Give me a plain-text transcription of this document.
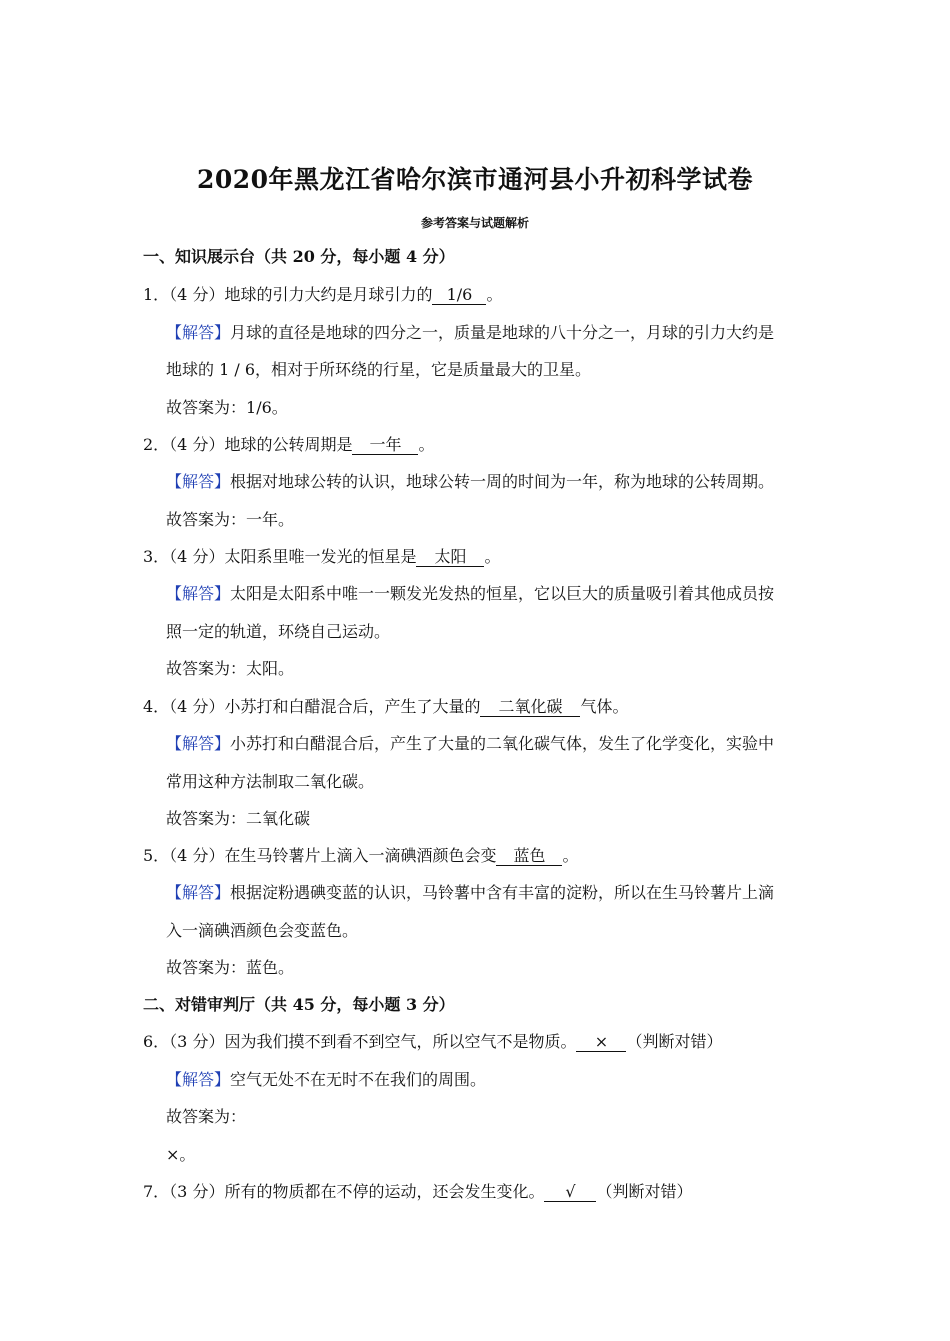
2020年黑龙江省哈尔滨市通河县小升初科学试卷
参考答案与试题解析
一、知识展示台（共 20 分，每小题 4 分）
1．（4 分）地球的引力大约是月球引力的 1/6 。
【解答】月球的直径是地球的四分之一，质量是地球的八十分之一，月球的引力大约是
地球的 1 / 6，相对于所环绕的行星，它是质量最大的卫星。
故答案为：1/6。
2．（4 分）地球的公转周期是 一年 。
【解答】根据对地球公转的认识，地球公转一周的时间为一年，称为地球的公转周期。
故答案为：一年。
3．（4 分）太阳系里唯一发光的恒星是 太阳 。
【解答】太阳是太阳系中唯一一颗发光发热的恒星，它以巨大的质量吸引着其他成员按
照一定的轨道，环绕自己运动。
故答案为：太阳。
4．（4 分）小苏打和白醋混合后，产生了大量的 二氧化碳 气体。
【解答】小苏打和白醋混合后，产生了大量的二氧化碳气体，发生了化学变化，实验中
常用这种方法制取二氧化碳。
故答案为：二氧化碳
5．（4 分）在生马铃薯片上滴入一滴碘酒颜色会变 蓝色 。
【解答】根据淀粉遇碘变蓝的认识，马铃薯中含有丰富的淀粉，所以在生马铃薯片上滴
入一滴碘酒颜色会变蓝色。
故答案为：蓝色。
二、对错审判厅（共 45 分，每小题 3 分）
6．（3 分）因为我们摸不到看不到空气，所以空气不是物质。 × （判断对错）
【解答】空气无处不在无时不在我们的周围。
故答案为：
×。
7．（3 分）所有的物质都在不停的运动，还会发生变化。 √ （判断对错）
